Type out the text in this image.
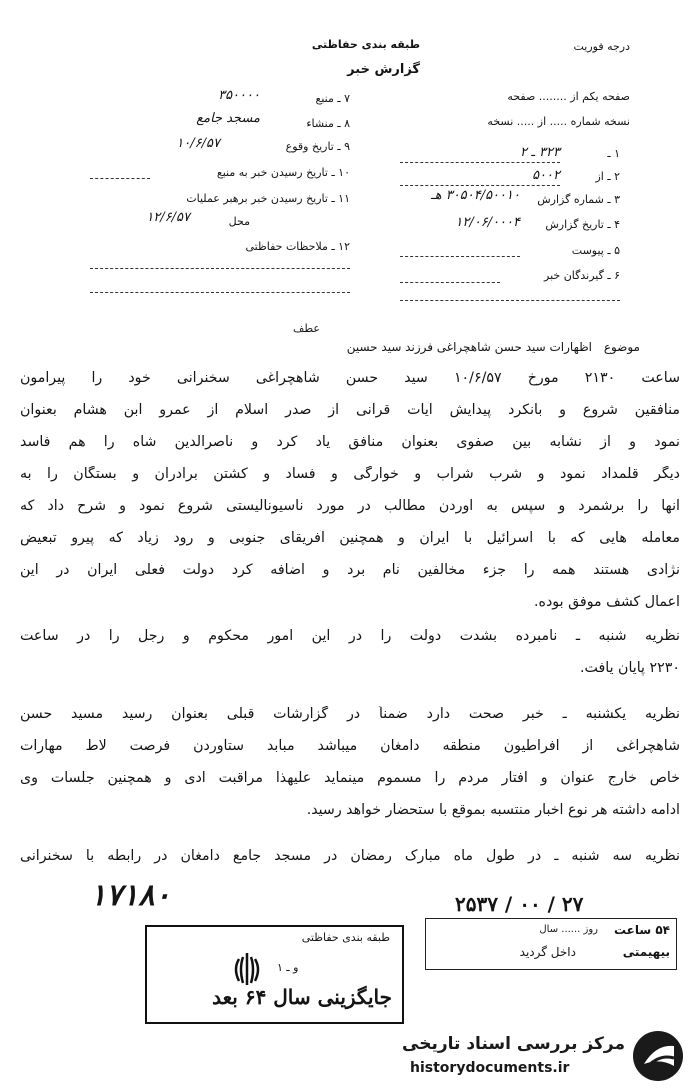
طبقه بندی حفاظتی
گزارش خبر
درجه فوریت
صفحه یکم از ........ صفحه
نسخه شماره ..... از ..... نسخه
۱ ـ
۳۲۳ ـ ۲
۲ ـ از
۵۰۰۲
۳ ـ شماره گزارش
۳۰۵۰۴/۵۰۰۱۰ هـ
۴ ـ تاریخ گزارش
۱۲/۰۶/۰۰۰۴
۵ ـ پیوست
۶ ـ گیرندگان خبر
۷ ـ منبع
۳۵۰۰۰۰
۸ ـ منشاء
مسجد جامع
۹ ـ تاریخ وقوع
۱۰/۶/۵۷
۱۰ ـ تاریخ رسیدن خبر به منبع
۱۱ ـ تاریخ رسیدن خبر برهبر عملیات
محل
۱۲/۶/۵۷
۱۲ ـ ملاحظات حفاظتی
عطف
موضوع اظهارات سید حسن شاهچراغی فرزند سید حسین
ساعت ۲۱۳۰ مورخ ۱۰/۶/۵۷ سید حسن شاهچراغی سخنرانی خود را پیرامون
منافقین شروع و بانکرد پیدایش آیات قرآنی از صدر اسلام از عمرو ابن هشام بعنوان
نمود و از نشابه بین صفوی بعنوان منافق یاد کرد و ناصرالدین شاه را هم فاسد
دیگر قلمداد نمود و شرب شراب و خوارگی و فساد و کشتن برادران و بستگان را به
آنها را برشمرد و سپس به آوردن مطالب در مورد ناسیونالیستی شروع نمود و شرح داد که
معامله هایی که با اسرائیل با ایران و همچنین آفریقای جنوبی و رود زیاد که پیرو تبعیض
نژادی هستند همه را جزء مخالفین نام برد و اضافه کرد دولت فعلی ایران در این
اعمال کشف موفق بوده.
نظریه شنبه ـ نامبرده بشدت دولت را در این امور محکوم و رجل را در ساعت
۲۲۳۰ پایان یافت.
نظریه یکشنبه ـ خبر صحت دارد ضمناً در گزارشات قبلی بعنوان رسید مسید حسن
شاهچراغی از افراطیون منطقه دامغان میباشد مبابد ستآوردن فرصت لاط مهارات
خاص خارج عنوان و افتار مردم را مسموم مینماید علیهذا مراقبت ادی و همچنین جلسات وی
ادامه داشته هر نوع اخبار منتسبه بموقع با ستحضار خواهد رسید.
نظریه سه شنبه ـ در طول ماه مبارک رمضان در مسجد جامع دامغان در رابطه با سخنرانی
۱۷۱۸۰	۲۵۳۷ / ۰۰ / ۲۷
طبقه بندی حفاظتی
و ـ ۱
جایگزینی سال ۶۴ بعد
۵۴ ساعت
روز ...... سال
بیهیمتی
داخل گردید
مرکز بررسی اسناد تاریخی
historydocuments.ir
